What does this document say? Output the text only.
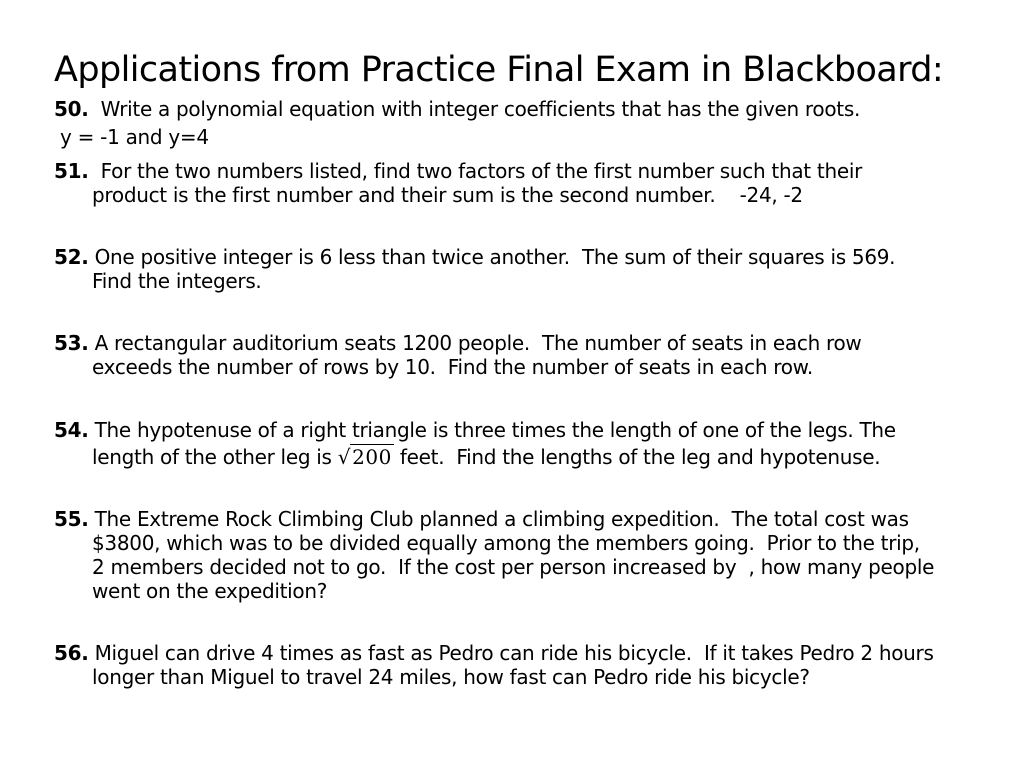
Applications from Practice Final Exam in Blackboard:
50.  Write a polynomial equation with integer coefficients that has the given roots.
y = -1 and y=4
51.  For the two numbers listed, find two factors of the first number such that their
product is the first number and their sum is the second number.    -24, -2
52. One positive integer is 6 less than twice another.  The sum of their squares is 569.
Find the integers.
53. A rectangular auditorium seats 1200 people.  The number of seats in each row
exceeds the number of rows by 10.  Find the number of seats in each row.
54. The hypotenuse of a right triangle is three times the length of one of the legs. The
length of the other leg is √ 200 feet.  Find the lengths of the leg and hypotenuse.
55. The Extreme Rock Climbing Club planned a climbing expedition.  The total cost was
$3800, which was to be divided equally among the members going.  Prior to the trip,
2 members decided not to go.  If the cost per person increased by  , how many people
went on the expedition?
56. Miguel can drive 4 times as fast as Pedro can ride his bicycle.  If it takes Pedro 2 hours
longer than Miguel to travel 24 miles, how fast can Pedro ride his bicycle?
